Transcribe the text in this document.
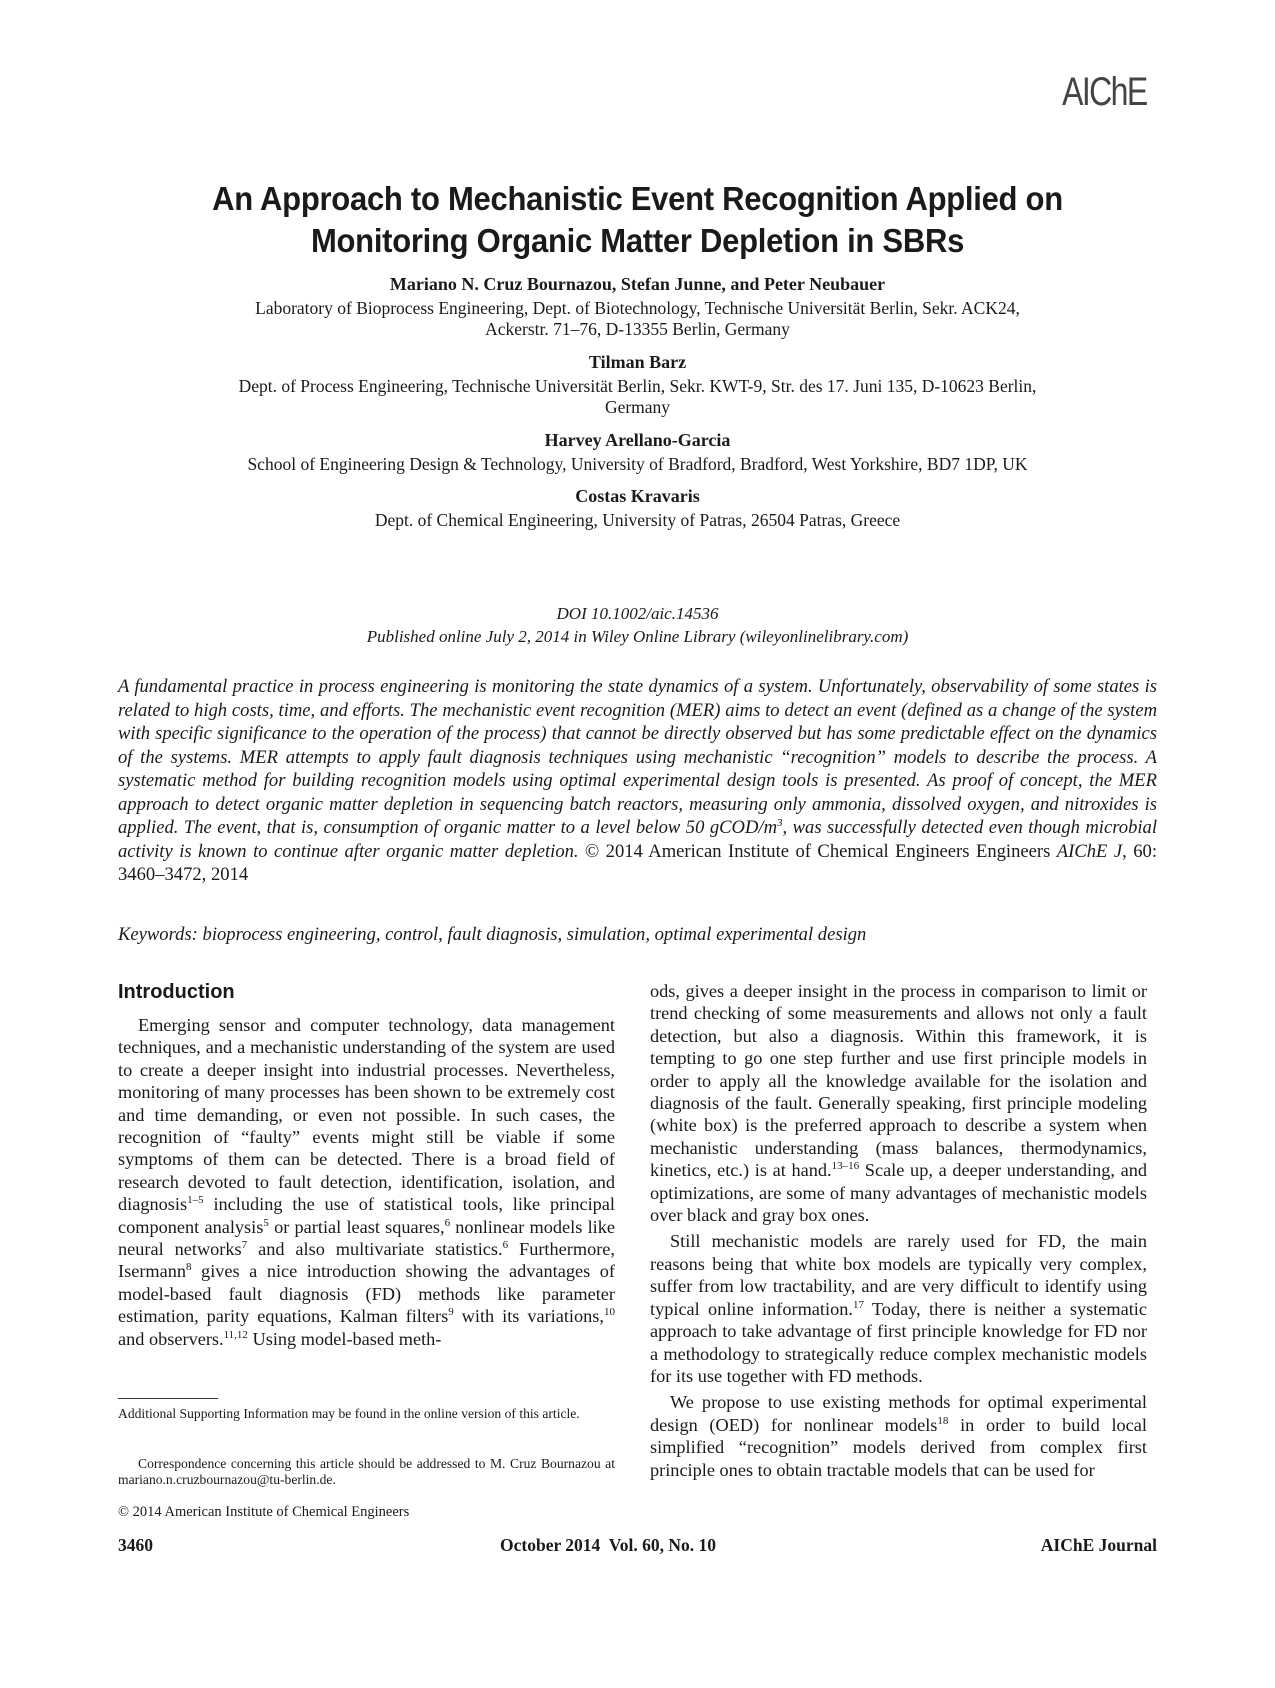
AIChE
An Approach to Mechanistic Event Recognition Applied on
Monitoring Organic Matter Depletion in SBRs
Mariano N. Cruz Bournazou, Stefan Junne, and Peter Neubauer
Laboratory of Bioprocess Engineering, Dept. of Biotechnology, Technische Universität Berlin, Sekr. ACK24,
Ackerstr. 71–76, D-13355 Berlin, Germany
Tilman Barz
Dept. of Process Engineering, Technische Universität Berlin, Sekr. KWT-9, Str. des 17. Juni 135, D-10623 Berlin,
Germany
Harvey Arellano-Garcia
School of Engineering Design & Technology, University of Bradford, Bradford, West Yorkshire, BD7 1DP, UK
Costas Kravaris
Dept. of Chemical Engineering, University of Patras, 26504 Patras, Greece
DOI 10.1002/aic.14536
Published online July 2, 2014 in Wiley Online Library (wileyonlinelibrary.com)
A fundamental practice in process engineering is monitoring the state dynamics of a system. Unfortunately, observability of some states is related to high costs, time, and efforts. The mechanistic event recognition (MER) aims to detect an event (defined as a change of the system with specific significance to the operation of the process) that cannot be directly observed but has some predictable effect on the dynamics of the systems. MER attempts to apply fault diagnosis techniques using mechanistic “recognition” models to describe the process. A systematic method for building recognition models using optimal experimental design tools is presented. As proof of concept, the MER approach to detect organic matter depletion in sequencing batch reactors, measuring only ammonia, dissolved oxygen, and nitroxides is applied. The event, that is, consumption of organic matter to a level below 50 gCOD/$m^3$, was successfully detected even though microbial activity is known to continue after organic matter depletion. © 2014 American Institute of Chemical Engineers Engineers AIChE J, 60: 3460–3472, 2014
Keywords: bioprocess engineering, control, fault diagnosis, simulation, optimal experimental design
Introduction

Emerging sensor and computer technology, data management techniques, and a mechanistic understanding of the system are used to create a deeper insight into industrial processes. Nevertheless, monitoring of many processes has been shown to be extremely cost and time demanding, or even not possible. In such cases, the recognition of “faulty” events might still be viable if some symptoms of them can be detected. There is a broad field of research devoted to fault detection, identification, isolation, and diagnosis$^{1-5}$ including the use of statistical tools, like principal component analysis$^5$ or partial least squares,$^6$ nonlinear models like neural networks$^7$ and also multivariate statistics.$^6$ Furthermore, Isermann$^8$ gives a nice introduction showing the advantages of model-based fault diagnosis (FD) methods like parameter estimation, parity equations, Kalman filters$^9$ with its variations,$^{10}$ and observers.$^{11,12}$ Using model-based meth-

ods, gives a deeper insight in the process in comparison to limit or trend checking of some measurements and allows not only a fault detection, but also a diagnosis. Within this framework, it is tempting to go one step further and use first principle models in order to apply all the knowledge available for the isolation and diagnosis of the fault. Generally speaking, first principle modeling (white box) is the preferred approach to describe a system when mechanistic understanding (mass balances, thermodynamics, kinetics, etc.) is at hand.$^{13-16}$ Scale up, a deeper understanding, and optimizations, are some of many advantages of mechanistic models over black and gray box ones.

Still mechanistic models are rarely used for FD, the main reasons being that white box models are typically very complex, suffer from low tractability, and are very difficult to identify using typical online information.$^{17}$ Today, there is neither a systematic approach to take advantage of first principle knowledge for FD nor a methodology to strategically reduce complex mechanistic models for its use together with FD methods.

We propose to use existing methods for optimal experimental design (OED) for nonlinear models$^{18}$ in order to build local simplified “recognition” models derived from complex first principle ones to obtain tractable models that can be used for

Additional Supporting Information may be found in the online version of this article.
Correspondence concerning this article should be addressed to M. Cruz Bournazou at mariano.n.cruzbournazou@tu-berlin.de.
© 2014 American Institute of Chemical Engineers
3460	October 2014  Vol. 60, No. 10	AIChE Journal
